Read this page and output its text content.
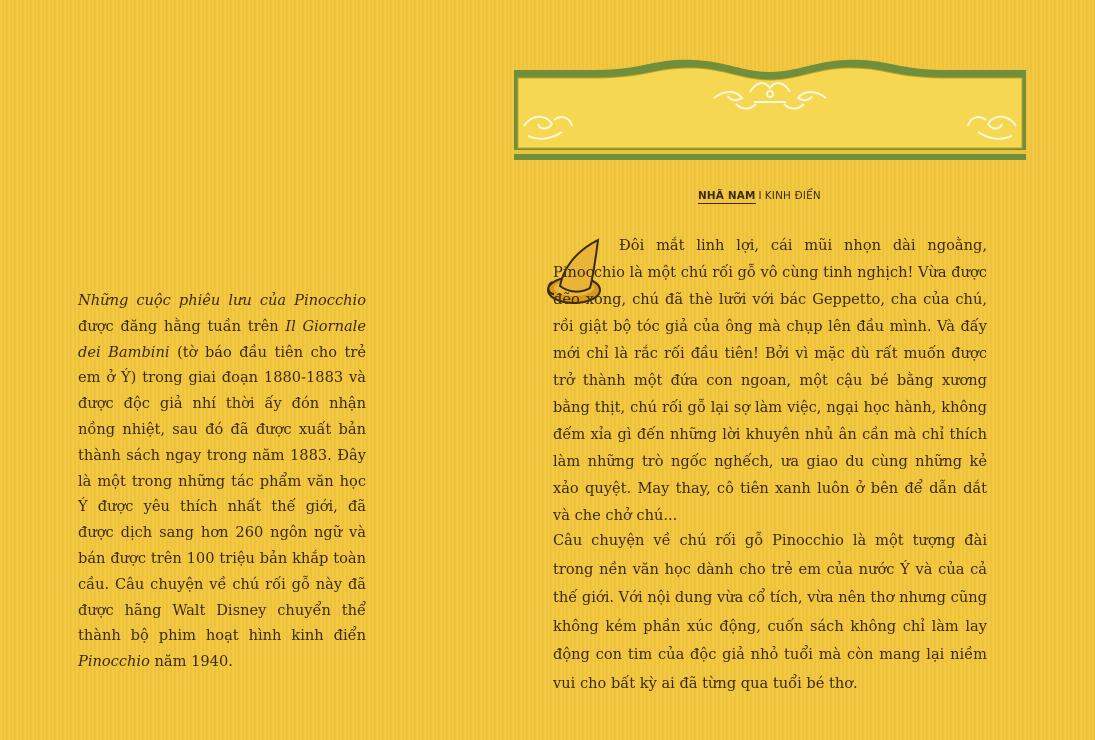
Những cuộc phiêu lưu của Pinocchio được đăng hằng tuần trên Il Giornale dei Bambini (tờ báo đầu tiên cho trẻ em ở Ý) trong giai đoạn 1880-1883 và được độc giả nhí thời ấy đón nhận nồng nhiệt, sau đó đã được xuất bản thành sách ngay trong năm 1883. Đây là một trong những tác phẩm văn học Ý được yêu thích nhất thế giới, đã được dịch sang hơn 260 ngôn ngữ và bán được trên 100 triệu bản khắp toàn cầu. Câu chuyện về chú rối gỗ này đã được hãng Walt Disney chuyển thể thành bộ phim hoạt hình kinh điển Pinocchio năm 1940.
NHÃ NAM I KINH ĐIỂN
Đôi mắt linh lợi, cái mũi nhọn dài ngoằng, Pinocchio là một chú rối gỗ vô cùng tinh nghịch! Vừa được đẽo xong, chú đã thè lưỡi với bác Geppetto, cha của chú, rồi giật bộ tóc giả của ông mà chụp lên đầu mình. Và đấy mới chỉ là rắc rối đầu tiên! Bởi vì mặc dù rất muốn được trở thành một đứa con ngoan, một cậu bé bằng xương bằng thịt, chú rối gỗ lại sợ làm việc, ngại học hành, không đếm xỉa gì đến những lời khuyên nhủ ân cần mà chỉ thích làm những trò ngốc nghếch, ưa giao du cùng những kẻ xảo quyệt. May thay, cô tiên xanh luôn ở bên để dẫn dắt và che chở chú...
Câu chuyện về chú rối gỗ Pinocchio là một tượng đài trong nền văn học dành cho trẻ em của nước Ý và của cả thế giới. Với nội dung vừa cổ tích, vừa nên thơ nhưng cũng không kém phần xúc động, cuốn sách không chỉ làm lay động con tim của độc giả nhỏ tuổi mà còn mang lại niềm vui cho bất kỳ ai đã từng qua tuổi bé thơ.
